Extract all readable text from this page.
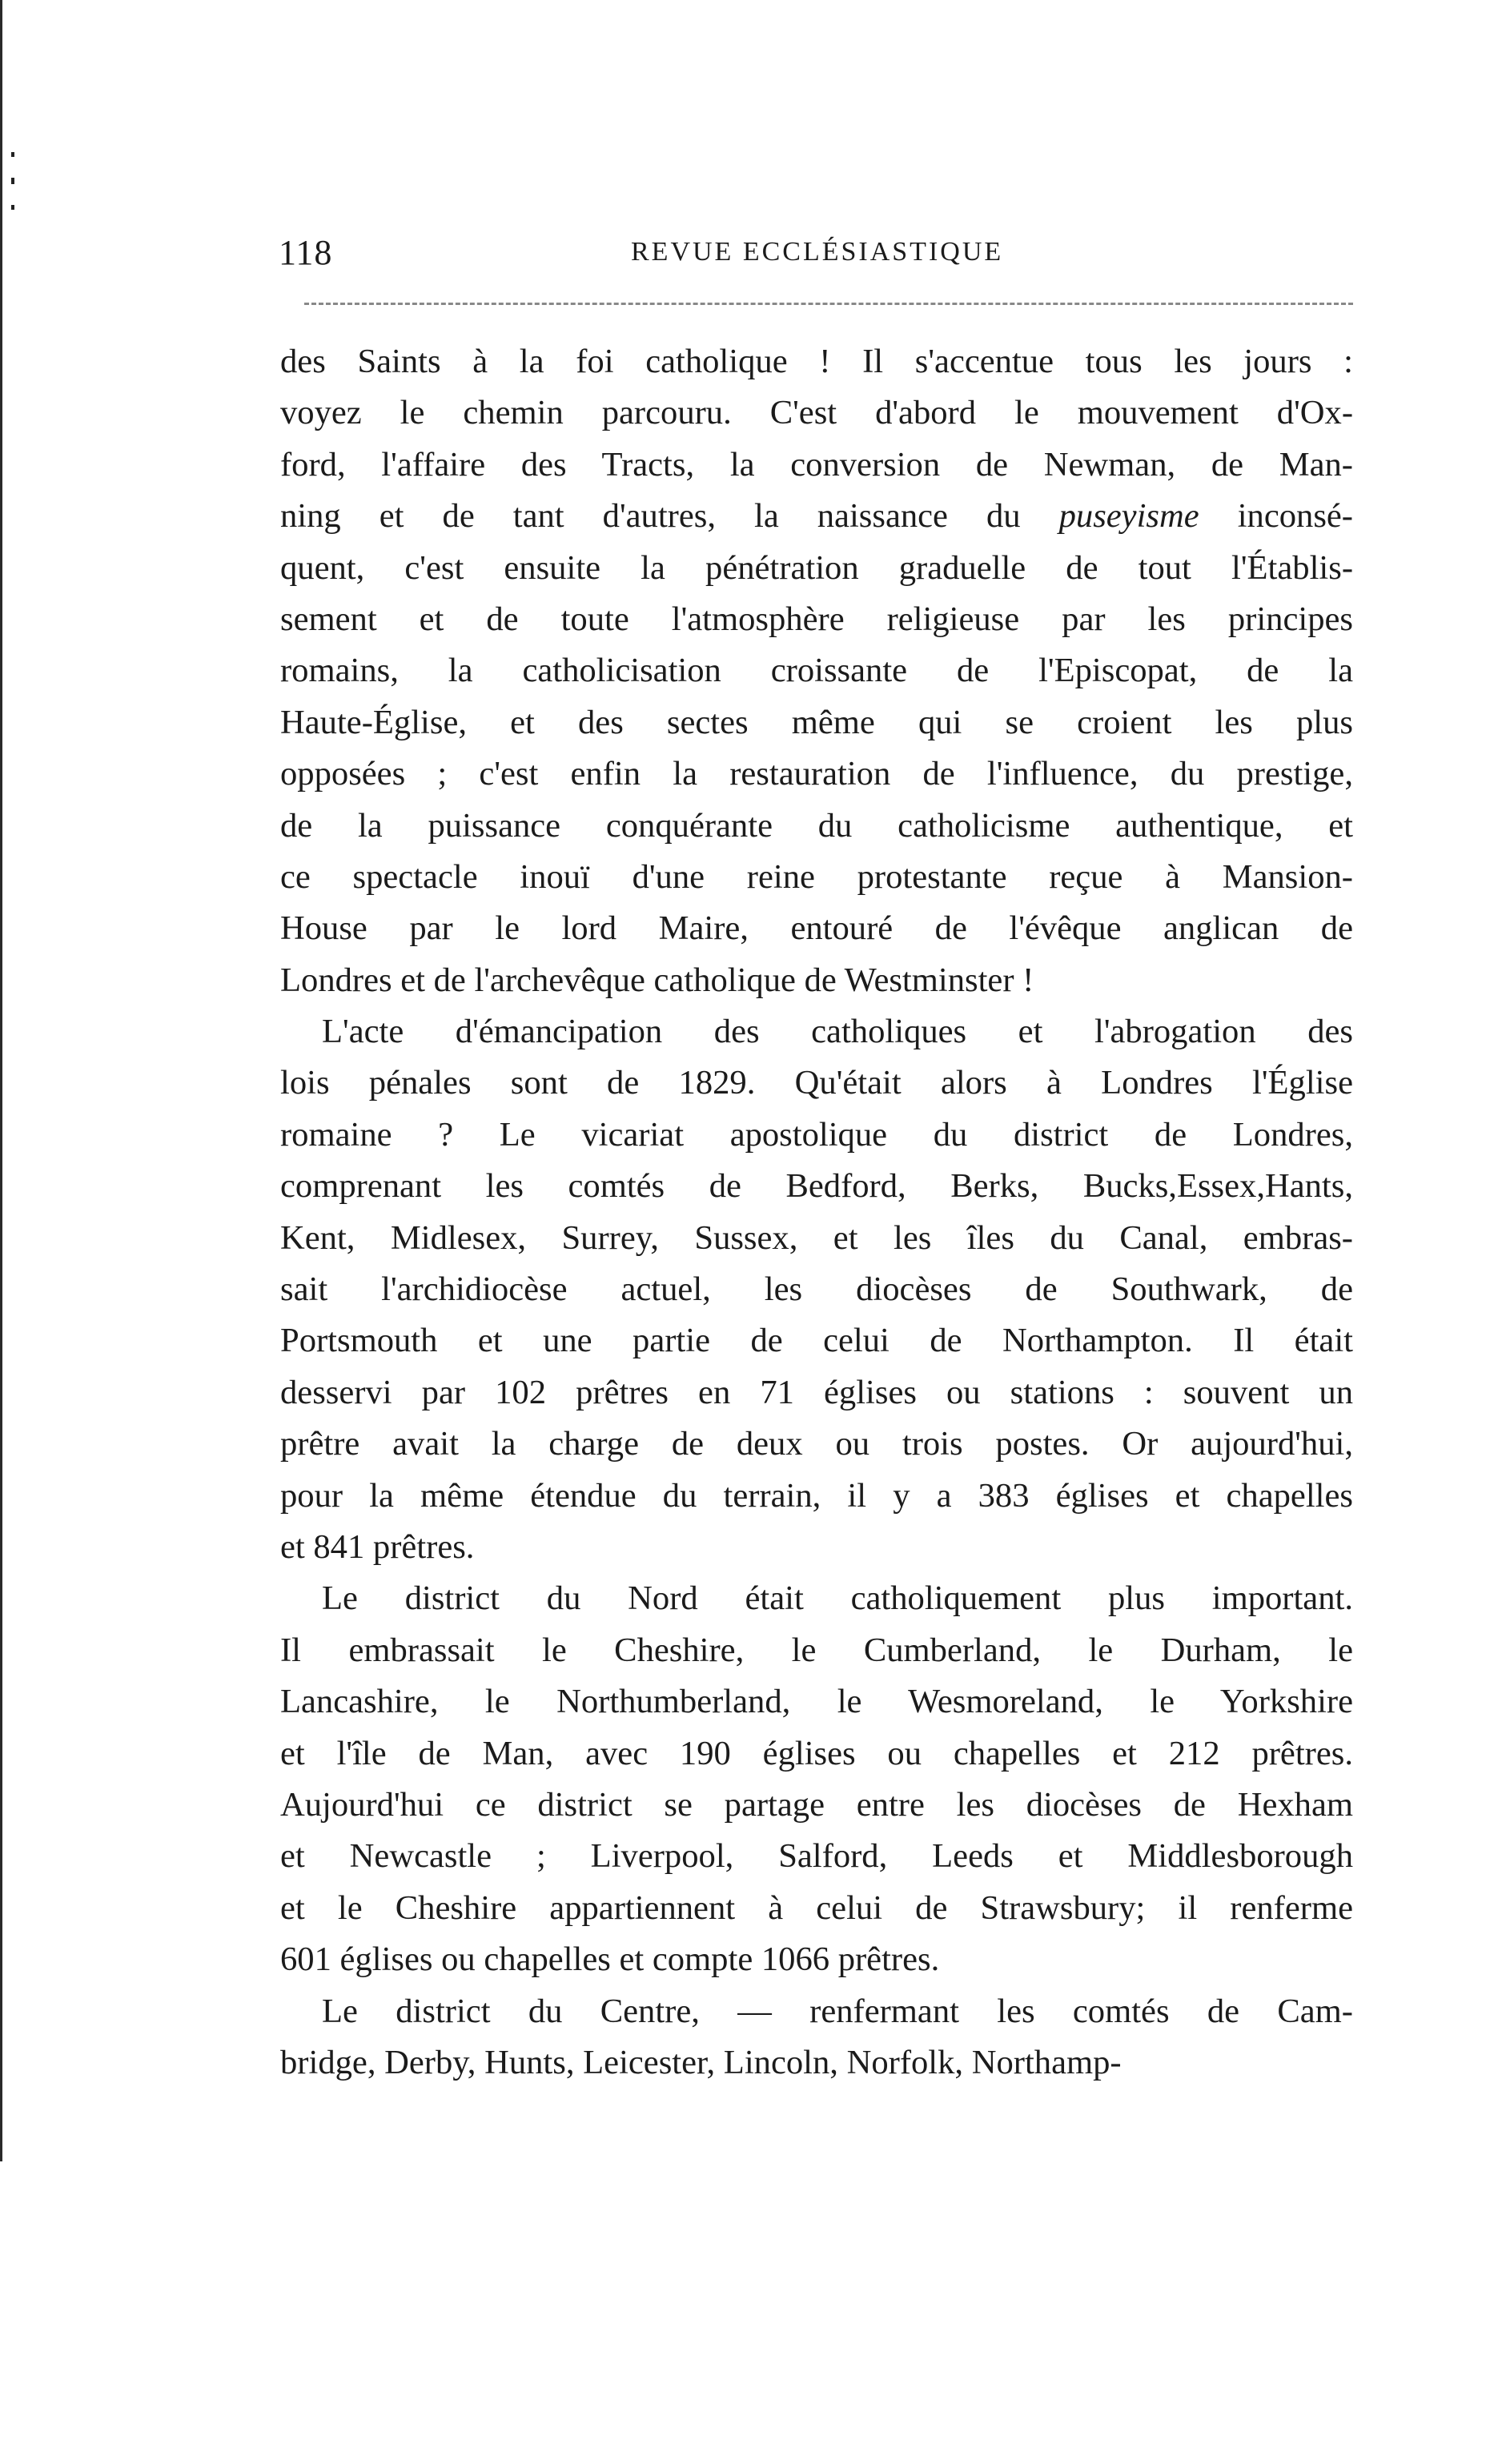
118	REVUE ECCLÉSIASTIQUE

des Saints à la foi catholique ! Il s'accentue tous les jours :
voyez le chemin parcouru. C'est d'abord le mouvement d'Ox-
ford, l'affaire des Tracts, la conversion de Newman, de Man-
ning et de tant d'autres, la naissance du puseyisme inconsé-
quent, c'est ensuite la pénétration graduelle de tout l'Établis-
sement et de toute l'atmosphère religieuse par les principes
romains, la catholicisation croissante de l'Episcopat, de la
Haute-Église, et des sectes même qui se croient les plus
opposées ; c'est enfin la restauration de l'influence, du prestige,
de la puissance conquérante du catholicisme authentique, et
ce spectacle inouï d'une reine protestante reçue à Mansion-
House par le lord Maire, entouré de l'évêque anglican de
Londres et de l'archevêque catholique de Westminster !

L'acte d'émancipation des catholiques et l'abrogation des
lois pénales sont de 1829. Qu'était alors à Londres l'Église
romaine ? Le vicariat apostolique du district de Londres,
comprenant les comtés de Bedford, Berks, Bucks,Essex,Hants,
Kent, Midlesex, Surrey, Sussex, et les îles du Canal, embras-
sait l'archidiocèse actuel, les diocèses de Southwark, de
Portsmouth et une partie de celui de Northampton. Il était
desservi par 102 prêtres en 71 églises ou stations : souvent un
prêtre avait la charge de deux ou trois postes. Or aujourd'hui,
pour la même étendue du terrain, il y a 383 églises et chapelles
et 841 prêtres.

Le district du Nord était catholiquement plus important.
Il embrassait le Cheshire, le Cumberland, le Durham, le
Lancashire, le Northumberland, le Wesmoreland, le Yorkshire
et l'île de Man, avec 190 églises ou chapelles et 212 prêtres.
Aujourd'hui ce district se partage entre les diocèses de Hexham
et Newcastle ; Liverpool, Salford, Leeds et Middlesborough
et le Cheshire appartiennent à celui de Strawsbury; il renferme
601 églises ou chapelles et compte 1066 prêtres.

Le district du Centre, — renfermant les comtés de Cam-
bridge, Derby, Hunts, Leicester, Lincoln, Norfolk, Northamp-
